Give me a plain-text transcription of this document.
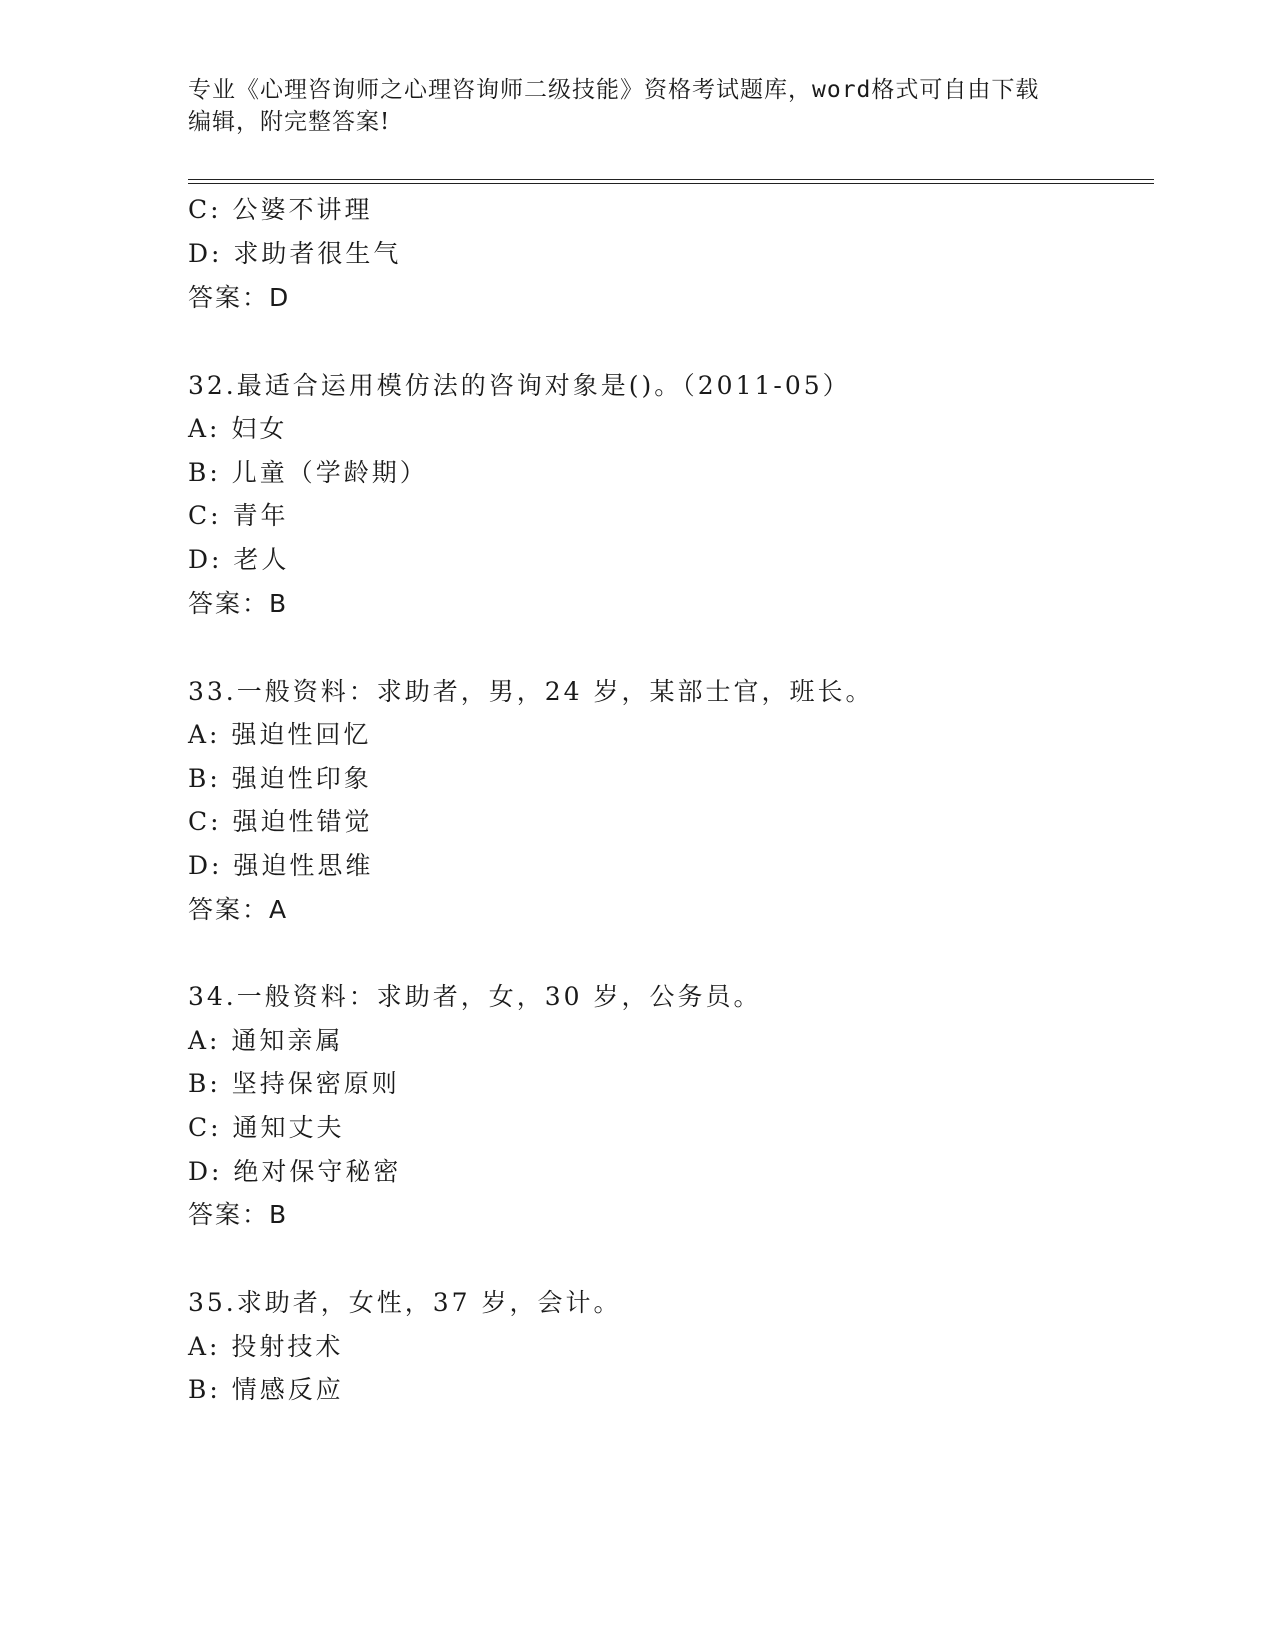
专业《心理咨询师之心理咨询师二级技能》资格考试题库，word格式可自由下载
编辑，附完整答案!
C: 公婆不讲理
D: 求助者很生气
答案：D
32.最适合运用模仿法的咨询对象是()。（2011-05）
A: 妇女
B: 儿童（学龄期）
C: 青年
D: 老人
答案：B
33.一般资料：求助者，男，24 岁，某部士官，班长。
A: 强迫性回忆
B: 强迫性印象
C: 强迫性错觉
D: 强迫性思维
答案：A
34.一般资料：求助者，女，30 岁，公务员。
A: 通知亲属
B: 坚持保密原则
C: 通知丈夫
D: 绝对保守秘密
答案：B
35.求助者，女性，37 岁，会计。
A: 投射技术
B: 情感反应
